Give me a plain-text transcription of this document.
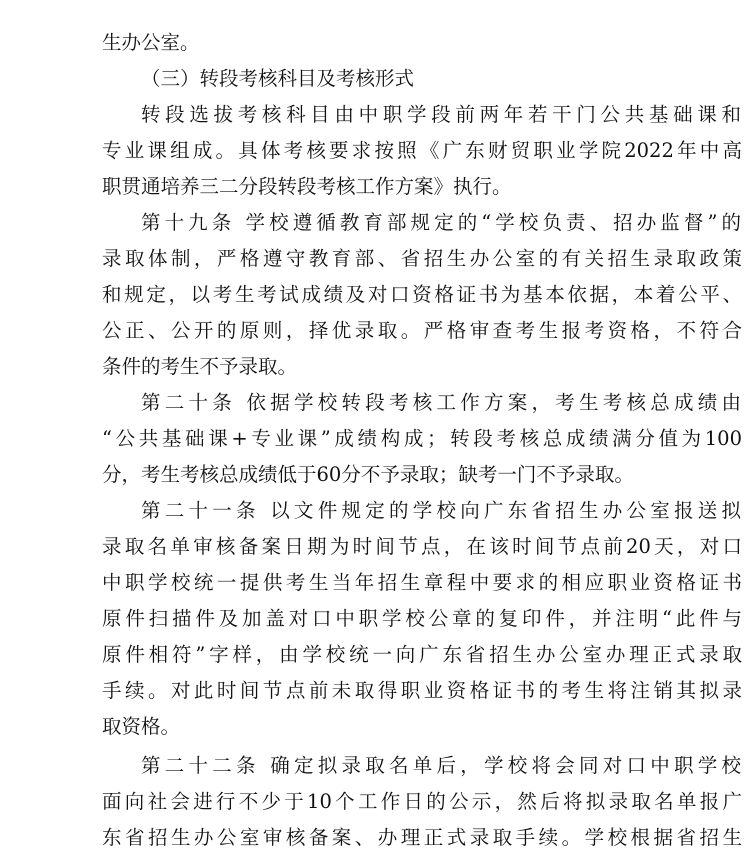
生办公室。
（三）转段考核科目及考核形式
转段选拔考核科目由中职学段前两年若干门公共基础课和
专业课组成。具体考核要求按照《广东财贸职业学院2022年中高
职贯通培养三二分段转段考核工作方案》执行。
第十九条 学校遵循教育部规定的“学校负责、招办监督”的
录取体制，严格遵守教育部、省招生办公室的有关招生录取政策
和规定，以考生考试成绩及对口资格证书为基本依据，本着公平、
公正、公开的原则，择优录取。严格审查考生报考资格，不符合
条件的考生不予录取。
第二十条 依据学校转段考核工作方案，考生考核总成绩由
“公共基础课+专业课”成绩构成；转段考核总成绩满分值为100
分，考生考核总成绩低于60分不予录取；缺考一门不予录取。
第二十一条 以文件规定的学校向广东省招生办公室报送拟
录取名单审核备案日期为时间节点，在该时间节点前20天，对口
中职学校统一提供考生当年招生章程中要求的相应职业资格证书
原件扫描件及加盖对口中职学校公章的复印件，并注明“此件与
原件相符”字样，由学校统一向广东省招生办公室办理正式录取
手续。对此时间节点前未取得职业资格证书的考生将注销其拟录
取资格。
第二十二条 确定拟录取名单后，学校将会同对口中职学校
面向社会进行不少于10个工作日的公示，然后将拟录取名单报广
东省招生办公室审核备案、办理正式录取手续。学校根据省招生
